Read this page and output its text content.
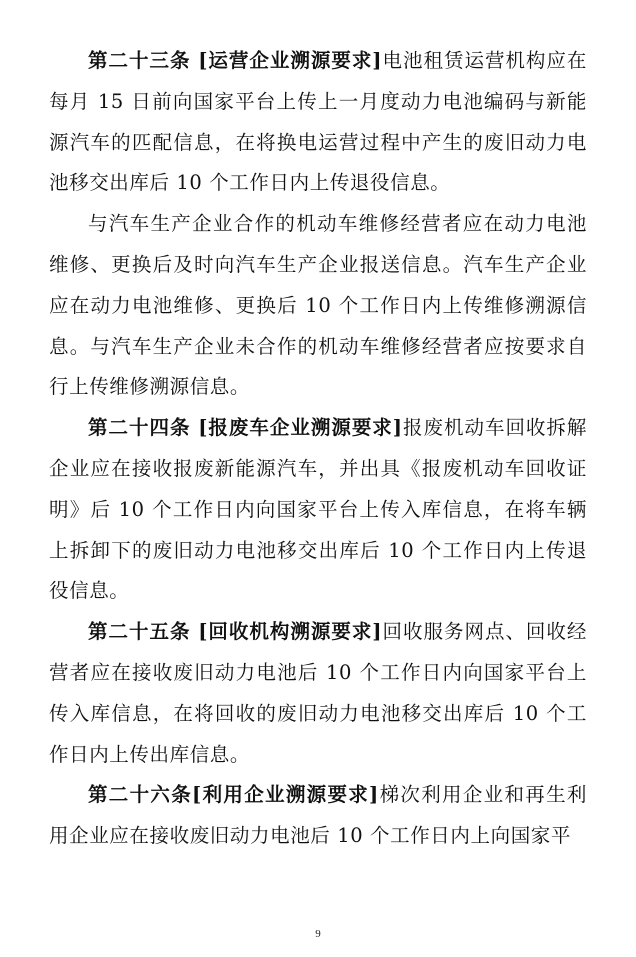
第二十三条 [运营企业溯源要求]电池租赁运营机构应在每月 15 日前向国家平台上传上一月度动力电池编码与新能源汽车的匹配信息，在将换电运营过程中产生的废旧动力电池移交出库后 10 个工作日内上传退役信息。

与汽车生产企业合作的机动车维修经营者应在动力电池维修、更换后及时向汽车生产企业报送信息。汽车生产企业应在动力电池维修、更换后 10 个工作日内上传维修溯源信息。与汽车生产企业未合作的机动车维修经营者应按要求自行上传维修溯源信息。

第二十四条 [报废车企业溯源要求]报废机动车回收拆解企业应在接收报废新能源汽车，并出具《报废机动车回收证明》后 10 个工作日内向国家平台上传入库信息，在将车辆上拆卸下的废旧动力电池移交出库后 10 个工作日内上传退役信息。

第二十五条 [回收机构溯源要求]回收服务网点、回收经营者应在接收废旧动力电池后 10 个工作日内向国家平台上传入库信息，在将回收的废旧动力电池移交出库后 10 个工作日内上传出库信息。

第二十六条[利用企业溯源要求]梯次利用企业和再生利用企业应在接收废旧动力电池后 10 个工作日内上向国家平

9
